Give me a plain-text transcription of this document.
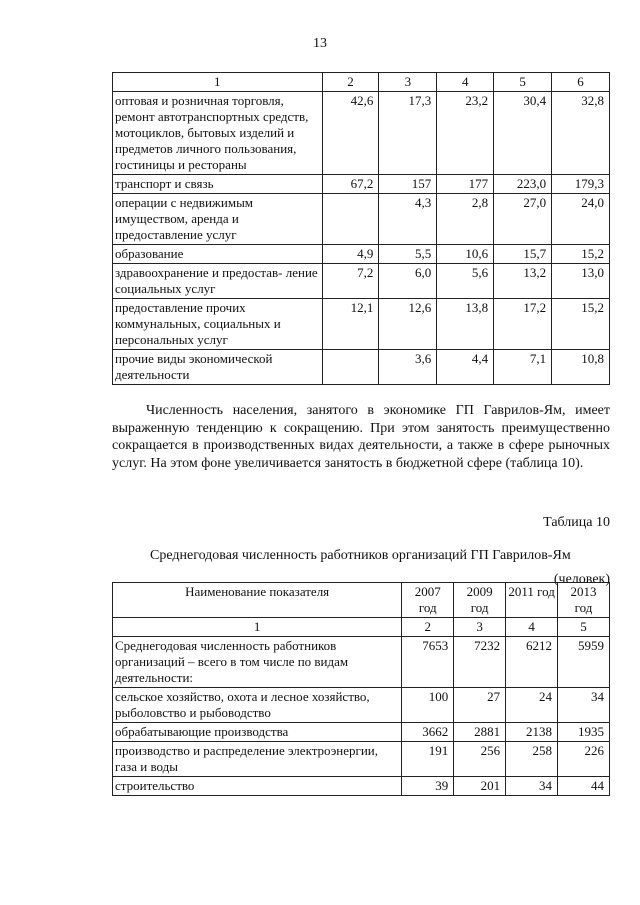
13
1	2	3	4	5	6
оптовая и розничная торговля, ремонт автотранспортных средств, мотоциклов, бытовых изделий и предметов личного пользования, гостиницы и рестораны	42,6	17,3	23,2	30,4	32,8
транспорт и связь	67,2	157	177	223,0	179,3
операции с недвижимым имуществом, аренда и предоставление услуг		4,3	2,8	27,0	24,0
образование	4,9	5,5	10,6	15,7	15,2
здравоохранение и предостав- ление социальных услуг	7,2	6,0	5,6	13,2	13,0
предоставление прочих коммунальных, социальных и персональных услуг	12,1	12,6	13,8	17,2	15,2
прочие виды экономической деятельности		3,6	4,4	7,1	10,8
Численность населения, занятого в экономике ГП Гаврилов-Ям, имеет выраженную тенденцию к сокращению. При этом занятость преимущественно сокращается в производственных видах деятельности, а также в сфере рыночных услуг. На этом фоне увеличивается занятость в бюджетной сфере (таблица 10).
Таблица 10
Среднегодовая численность работников организаций ГП Гаврилов-Ям
(человек)
Наименование показателя	2007 год	2009 год	2011 год	2013 год
1	2	3	4	5
Среднегодовая численность работников организаций – всего в том числе по видам деятельности:	7653	7232	6212	5959
сельское хозяйство, охота и лесное хозяйство, рыболовство и рыбоводство	100	27	24	34
обрабатывающие производства	3662	2881	2138	1935
производство и распределение электроэнергии, газа и воды	191	256	258	226
строительство	39	201	34	44
